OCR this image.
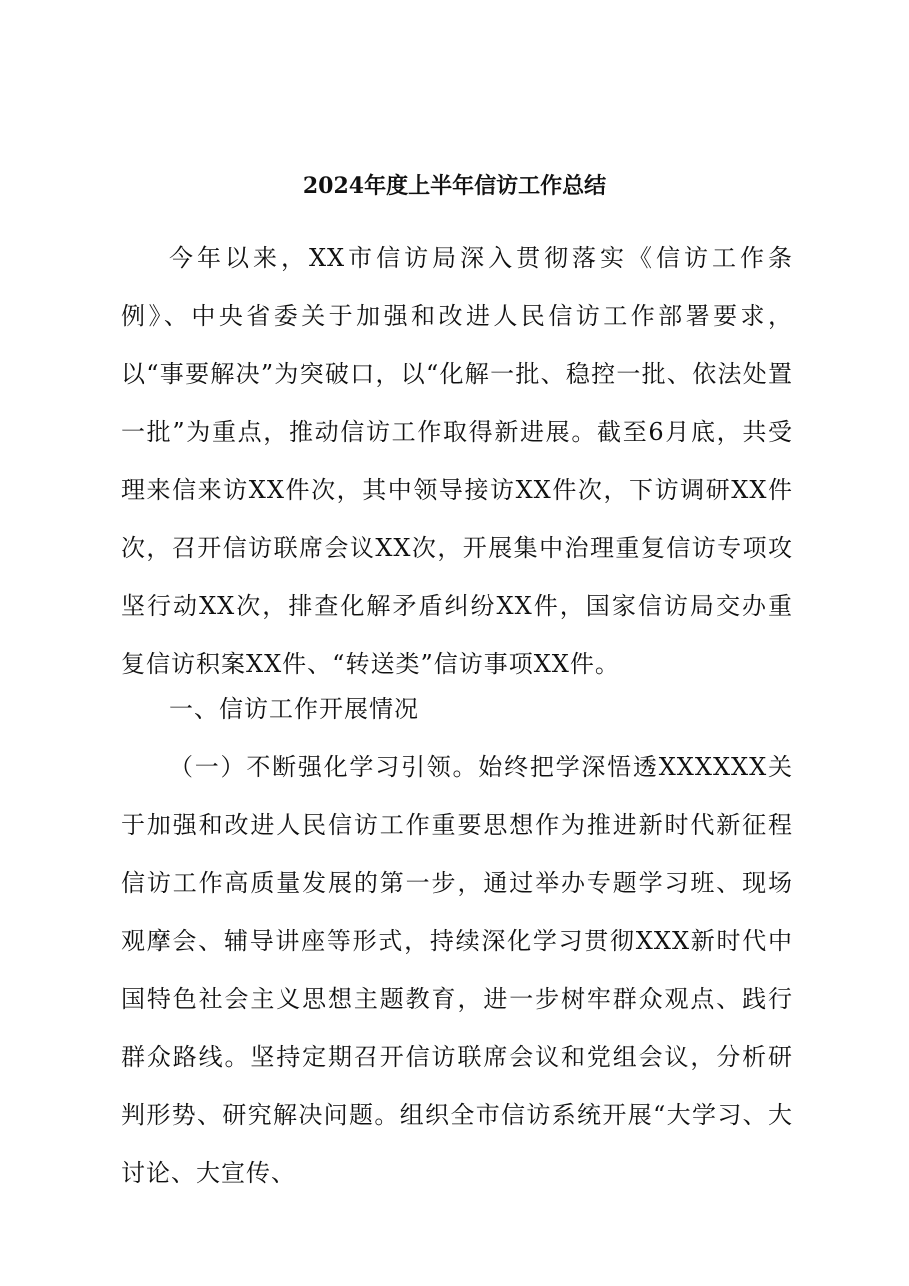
2024年度上半年信访工作总结

今年以来，XX市信访局深入贯彻落实《信访工作条例》、中央省委关于加强和改进人民信访工作部署要求，以“事要解决”为突破口，以“化解一批、稳控一批、依法处置一批”为重点，推动信访工作取得新进展。截至6月底，共受理来信来访XX件次，其中领导接访XX件次，下访调研XX件次，召开信访联席会议XX次，开展集中治理重复信访专项攻坚行动XX次，排查化解矛盾纠纷XX件，国家信访局交办重复信访积案XX件、“转送类”信访事项XX件。

一、信访工作开展情况

（一）不断强化学习引领。始终把学深悟透XXXXXX关于加强和改进人民信访工作重要思想作为推进新时代新征程信访工作高质量发展的第一步，通过举办专题学习班、现场观摩会、辅导讲座等形式，持续深化学习贯彻XXX新时代中国特色社会主义思想主题教育，进一步树牢群众观点、践行群众路线。坚持定期召开信访联席会议和党组会议，分析研判形势、研究解决问题。组织全市信访系统开展“大学习、大讨论、大宣传、
